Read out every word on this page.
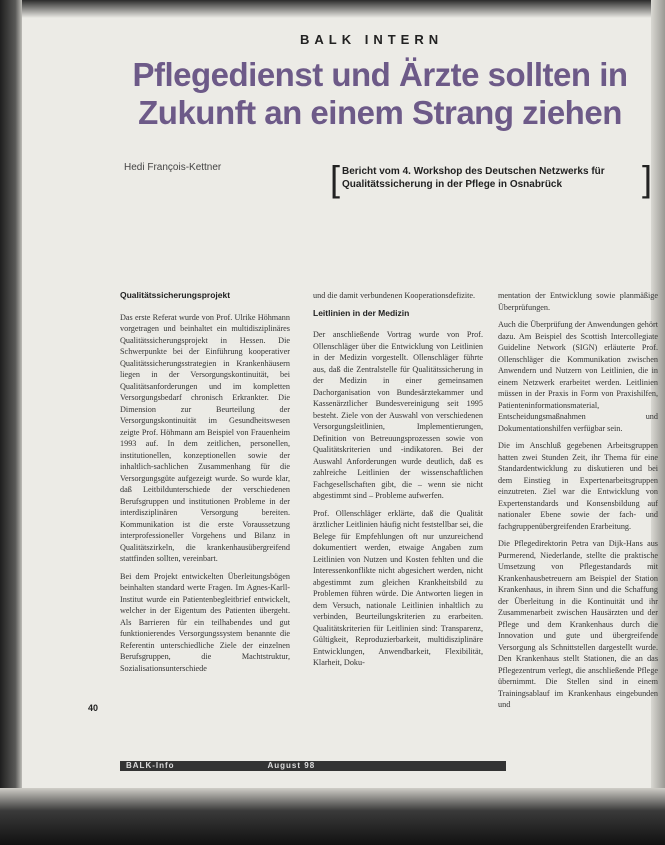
BALK INTERN
Pflegedienst und Ärzte sollten in Zukunft an einem Strang ziehen
Hedi François-Kettner	[ Bericht vom 4. Workshop des Deutschen Netzwerks für Qualitätssicherung in der Pflege in Osnabrück	]
Qualitätssicherungsprojekt

Das erste Referat wurde von Prof. Ulrike Höhmann vorgetragen und beinhaltet ein multidisziplinäres Qualitätssicherungsprojekt in Hessen. Die Schwerpunkte bei der Einführung kooperativer Qualitätssicherungsstrategien in Krankenhäusern liegen in der Versorgungskontinuität, bei Qualitätsanforderungen und im kompletten Versorgungsbedarf chronisch Erkrankter. Die Dimension zur Beurteilung der Versorgungskontinuität im Gesundheitswesen zeigte Prof. Höhmann am Beispiel von Frauenheim 1993 auf. In dem zeitlichen, personellen, institutionellen, konzeptionellen sowie der inhaltlich-sachlichen Zusammenhang für die Versorgungsgüte aufgezeigt wurde. So wurde klar, daß Leitbildunterschiede der verschiedenen Berufsgruppen und institutionen Probleme in der interdisziplinären Versorgung bereiten. Kommunikation ist die erste Voraussetzung interprofessioneller Vorgehens und Bilanz in Qualitätszirkeln, die krankenhausübergreifend stattfinden sollten, vereinbart.

Bei dem Projekt entwickelten Überleitungsbögen beinhalten standard werte Fragen. Im Agnes-Karll-Institut wurde ein Patientenbegleitbrief entwickelt, welcher in der Eigentum des Patienten übergeht. Als Barrieren für ein teilhabendes und gut funktionierendes Versorgungssystem benannte die Referentin unterschiedliche Ziele der einzelnen Berufsgruppen, die Machtstruktur, Sozialisationsunterschiede

und die damit verbundenen Kooperationsdefizite.

Leitlinien in der Medizin

Der anschließende Vortrag wurde von Prof. Ollenschläger über die Entwicklung von Leitlinien in der Medizin vorgestellt. Ollenschläger führte aus, daß die Zentralstelle für Qualitätssicherung in der Medizin in einer gemeinsamen Dachorganisation von Bundesärztekammer und Kassenärztlicher Bundesvereinigung seit 1995 besteht. Ziele von der Auswahl von verschiedenen Versorgungsleitlinien, Implementierungen, Definition von Betreuungsprozessen sowie von Qualitätskriterien und -indikatoren. Bei der Auswahl Anforderungen wurde deutlich, daß es zahlreiche Leitlinien der wissenschaftlichen Fachgesellschaften gibt, die – wenn sie nicht abgestimmt sind – Probleme aufwerfen.

Prof. Ollenschläger erklärte, daß die Qualität ärztlicher Leitlinien häufig nicht feststellbar sei, die Belege für Empfehlungen oft nur unzureichend dokumentiert werden, etwaige Angaben zum Leitlinien von Nutzen und Kosten fehlten und die Interessenkonflikte nicht abgesichert werden, nicht abgestimmt zum gleichen Krankheitsbild zu Problemen führen würde. Die Antworten liegen in dem Versuch, nationale Leitlinien inhaltlich zu verbinden, Beurteilungskriterien zu erarbeiten. Qualitätskriterien für Leitlinien sind: Transparenz, Gültigkeit, Reproduzierbarkeit, multidisziplinäre Entwicklungen, Anwendbarkeit, Flexibilität, Klarheit, Doku-

mentation der Entwicklung sowie planmäßige Überprüfungen.

Auch die Überprüfung der Anwendungen gehört dazu. Am Beispiel des Scottish Intercollegiate Guideline Network (SIGN) erläuterte Prof. Ollenschläger die Kommunikation zwischen Anwendern und Nutzern von Leitlinien, die in einem Netzwerk erarbeitet werden. Leitlinien müssen in der Praxis in Form von Praxishilfen, Patienteninformationsmaterial, Entscheidungsmaßnahmen und Dokumentationshilfen verfügbar sein.

Die im Anschluß gegebenen Arbeitsgruppen hatten zwei Stunden Zeit, ihr Thema für eine Standardentwicklung zu diskutieren und bei dem Einstieg in Expertenarbeitsgruppen einzutreten. Ziel war die Entwicklung von Expertenstandards und Konsensbildung auf nationaler Ebene sowie der fach- und fachgruppenübergreifenden Erarbeitung.

Die Pflegedirektorin Petra van Dijk-Hans aus Purmerend, Niederlande, stellte die praktische Umsetzung von Pflegestandards mit Krankenhausbetreuern am Beispiel der Station Krankenhaus, in ihrem Sinn und die Schaffung der Überleitung in die Kontinuität und ihr Zusammenarbeit zwischen Hausärzten und der Pflege und dem Krankenhaus durch die Innovation und gute und übergreifende Versorgung als Schnittstellen dargestellt wurde. Den Krankenhaus stellt Stationen, die an das Pflegezentrum verlegt, die anschließende Pflege übernimmt. Die Stellen sind in einem Trainingsablauf im Krankenhaus eingebunden und

40
BALK-Info	August 98
